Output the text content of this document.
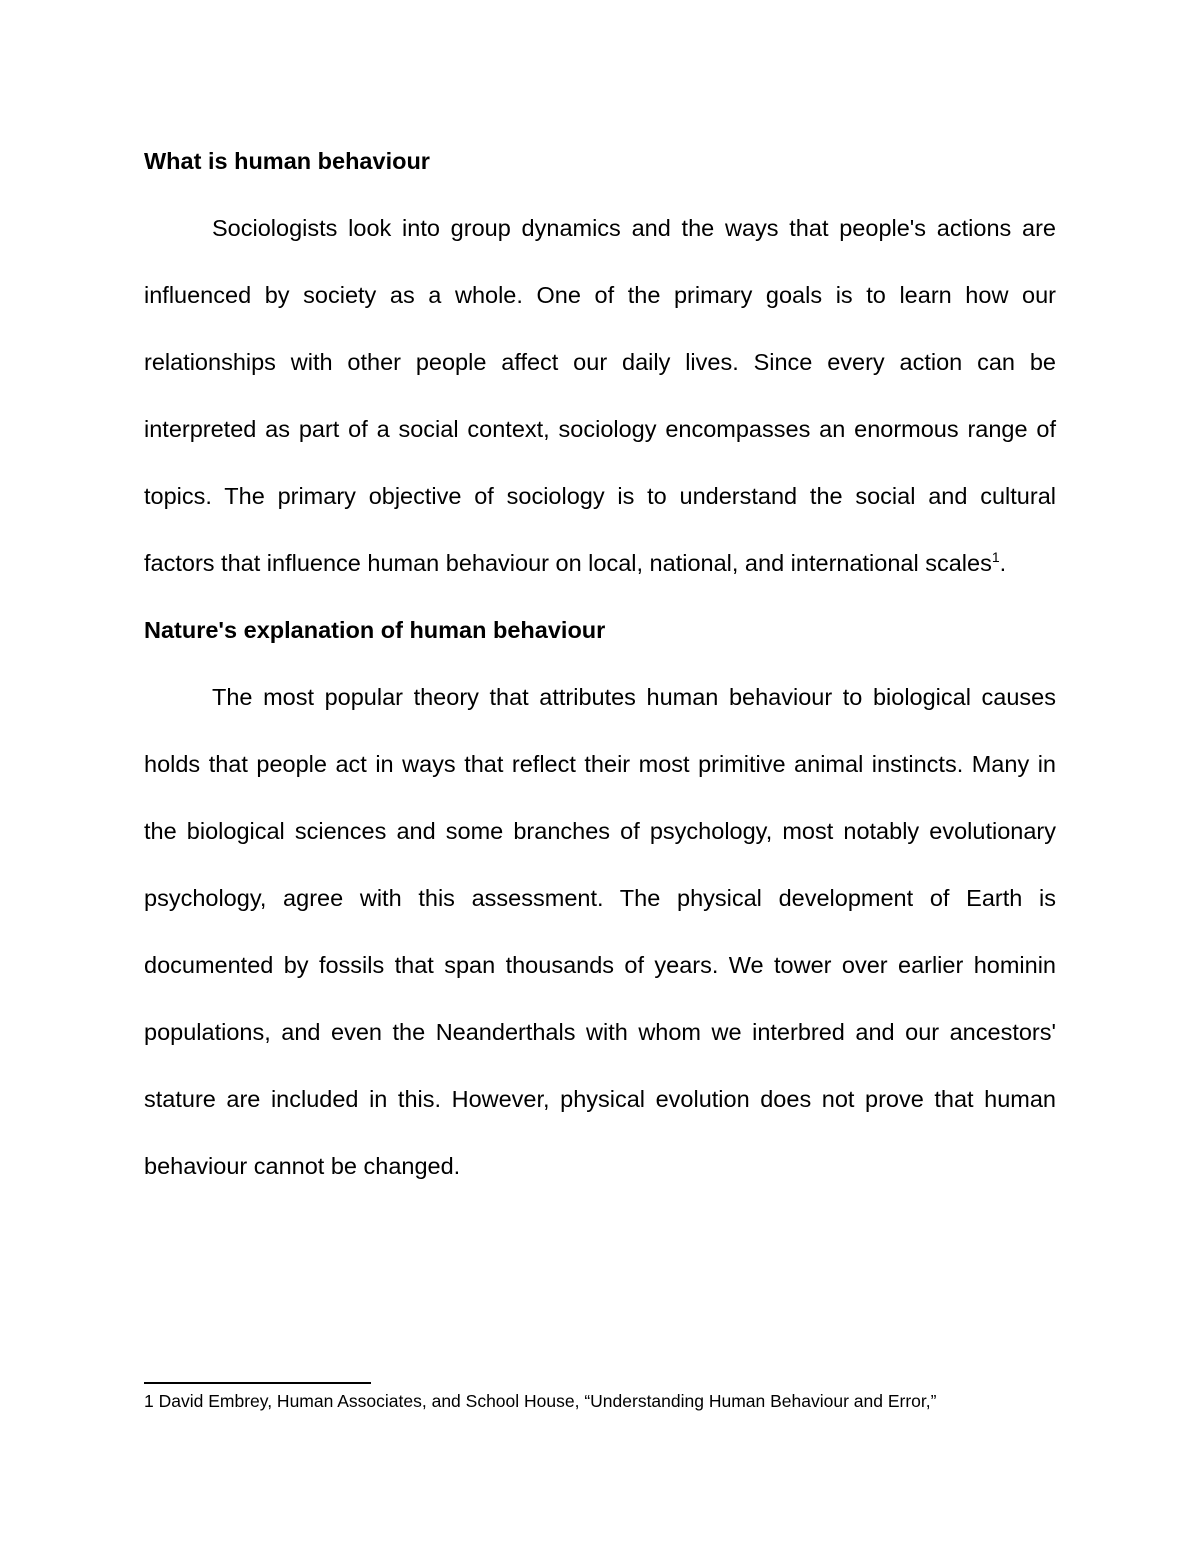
What is human behaviour

Sociologists look into group dynamics and the ways that people's actions are influenced by society as a whole. One of the primary goals is to learn how our relationships with other people affect our daily lives. Since every action can be interpreted as part of a social context, sociology encompasses an enormous range of topics. The primary objective of sociology is to understand the social and cultural factors that influence human behaviour on local, national, and international scales$^1$.

Nature's explanation of human behaviour

The most popular theory that attributes human behaviour to biological causes holds that people act in ways that reflect their most primitive animal instincts. Many in the biological sciences and some branches of psychology, most notably evolutionary psychology, agree with this assessment. The physical development of Earth is documented by fossils that span thousands of years. We tower over earlier hominin populations, and even the Neanderthals with whom we interbred and our ancestors' stature are included in this. However, physical evolution does not prove that human behaviour cannot be changed.

1 David Embrey, Human Associates, and School House, “Understanding Human Behaviour and Error,”
